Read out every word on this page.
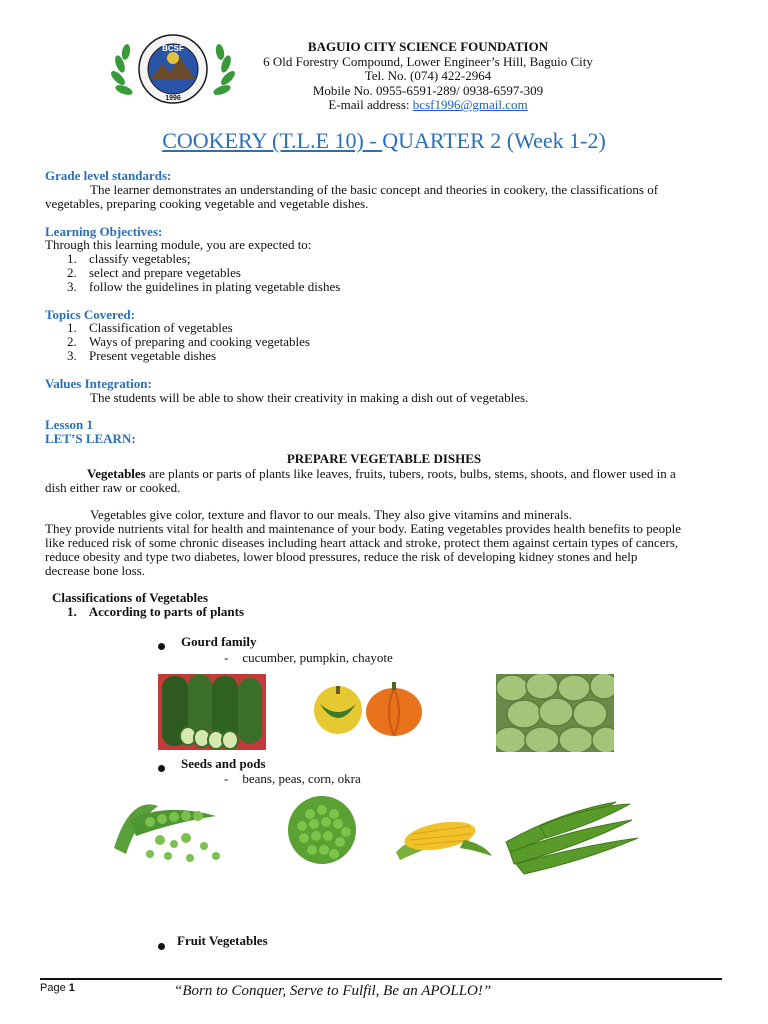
BCSF
1996
BAGUIO CITY SCIENCE FOUNDATION
6 Old Forestry Compound, Lower Engineer’s Hill, Baguio City
Tel. No. (074) 422-2964
Mobile No. 0955-6591-289/ 0938-6597-309
E-mail address: bcsf1996@gmail.com
COOKERY (T.L.E 10) - QUARTER 2 (Week 1-2)
Grade level standards:
The learner demonstrates an understanding of the basic concept and theories in cookery, the classifications of
vegetables, preparing cooking vegetable and vegetable dishes.
Learning Objectives:
Through this learning module, you are expected to:
1. classify vegetables;
2. select and prepare vegetables
3. follow the guidelines in plating vegetable dishes
Topics Covered:
1. Classification of vegetables
2. Ways of preparing and cooking vegetables
3. Present vegetable dishes
Values Integration:
The students will be able to show their creativity in making a dish out of vegetables.
Lesson 1
LET’S LEARN:
PREPARE VEGETABLE DISHES
Vegetables are plants or parts of plants like leaves, fruits, tubers, roots, bulbs, stems, shoots, and flower used in a
dish either raw or cooked.
Vegetables give color, texture and flavor to our meals. They also give vitamins and minerals.
They provide nutrients vital for health and maintenance of your body. Eating vegetables provides health benefits to people
like reduced risk of some chronic diseases including heart attack and stroke, protect them against certain types of cancers,
reduce obesity and type two diabetes, lower blood pressures, reduce the risk of developing kidney stones and help
decrease bone loss.
Classifications of Vegetables
1. According to parts of plants
Gourd family
- cucumber, pumpkin, chayote
Seeds and pods
- beans, peas, corn, okra
Fruit Vegetables
Page 1	“Born to Conquer, Serve to Fulfil, Be an APOLLO!”
